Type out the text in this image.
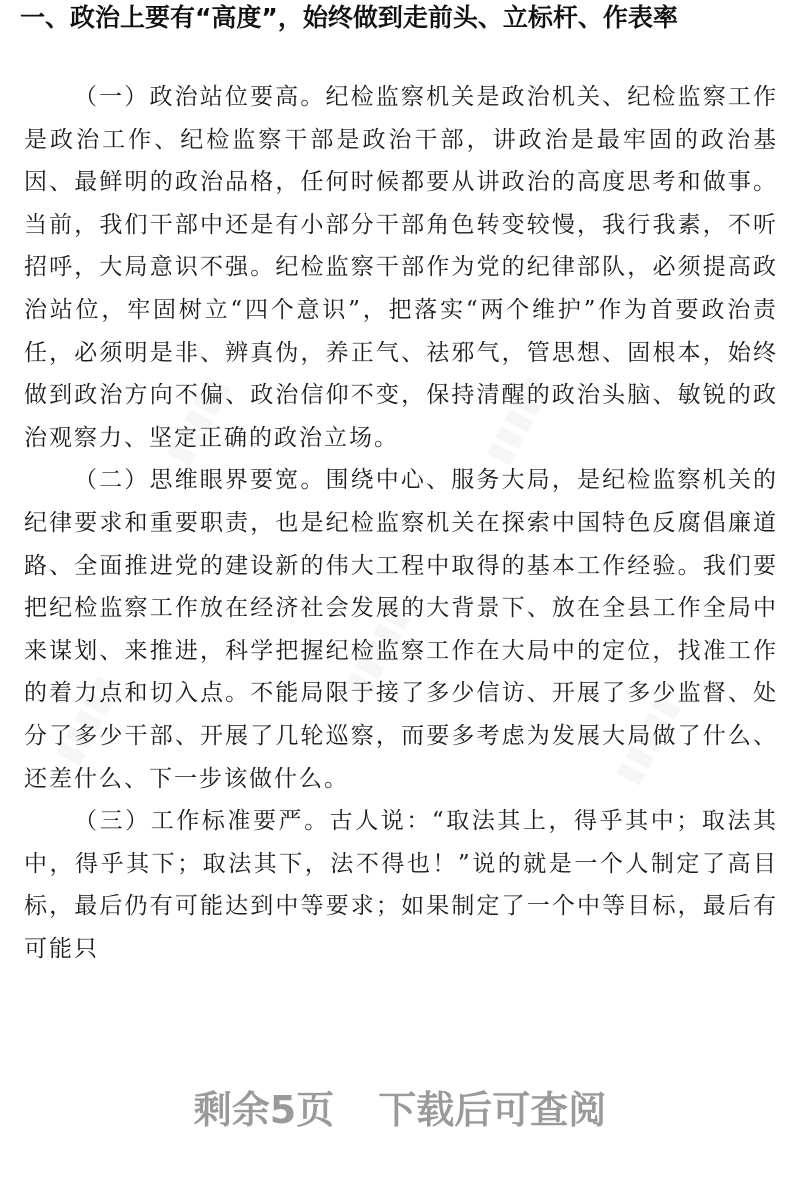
▮▮▮▮▮	▮▮▮▮▮
▮▮▮▮▮
▮▮▮▮▮
▮▮▮▮▮
一、政治上要有“高度”，始终做到走前头、立标杆、作表率

（一）政治站位要高。纪检监察机关是政治机关、纪检监察工作是政治工作、纪检监察干部是政治干部，讲政治是最牢固的政治基因、最鲜明的政治品格，任何时候都要从讲政治的高度思考和做事。当前，我们干部中还是有小部分干部角色转变较慢，我行我素，不听招呼，大局意识不强。纪检监察干部作为党的纪律部队，必须提高政治站位，牢固树立“四个意识”，把落实“两个维护”作为首要政治责任，必须明是非、辨真伪，养正气、祛邪气，管思想、固根本，始终做到政治方向不偏、政治信仰不变，保持清醒的政治头脑、敏锐的政治观察力、坚定正确的政治立场。

（二）思维眼界要宽。围绕中心、服务大局，是纪检监察机关的纪律要求和重要职责，也是纪检监察机关在探索中国特色反腐倡廉道路、全面推进党的建设新的伟大工程中取得的基本工作经验。我们要把纪检监察工作放在经济社会发展的大背景下、放在全县工作全局中来谋划、来推进，科学把握纪检监察工作在大局中的定位，找准工作的着力点和切入点。不能局限于接了多少信访、开展了多少监督、处分了多少干部、开展了几轮巡察，而要多考虑为发展大局做了什么、还差什么、下一步该做什么。

（三）工作标准要严。古人说：“取法其上，得乎其中；取法其中，得乎其下；取法其下，法不得也！”说的就是一个人制定了高目标，最后仍有可能达到中等要求；如果制定了一个中等目标，最后有可能只

剩余5页 下载后可查阅
